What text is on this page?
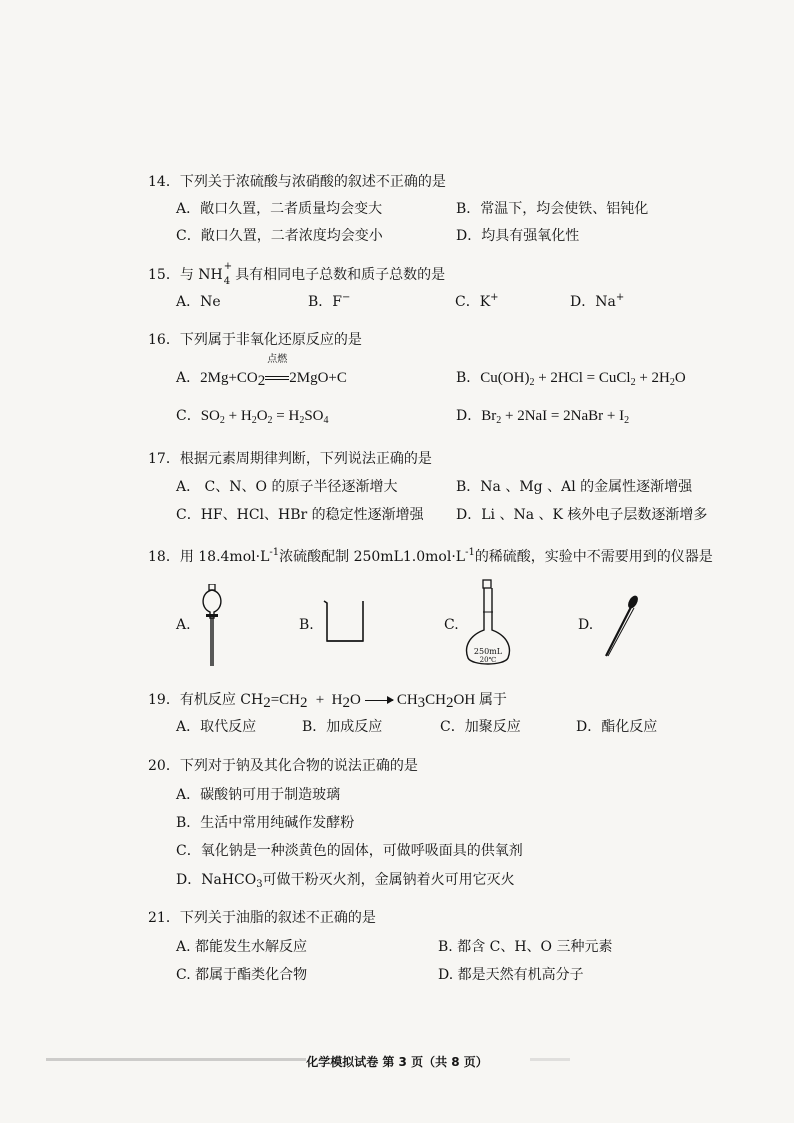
14．下列关于浓硫酸与浓硝酸的叙述不正确的是
A．敞口久置，二者质量均会变大	B．常温下，均会使铁、铝钝化
C．敞口久置，二者浓度均会变小	D．均具有强氧化性
15．与 NH
+
4 具有相同电子总数和质子总数的是
A．Ne	B．F−	C．K+	D．Na+
16．下列属于非氧化还原反应的是
A．$2Mg+CO_2$
点燃
2MgO+C	B．$Cu(OH)_2 + 2HCl$ = CuCl$_2$ + $2H_2O$
C．$SO_2 + H_2O_2 = H_2SO_4$	D．$Br_2 + 2NaI$ = 2NaBr + $I_2$
17．根据元素周期律判断，下列说法正确的是
A． C、N、O 的原子半径逐渐增大	B．Na 、Mg 、Al 的金属性逐渐增强
C．HF、HCl、HBr 的稳定性逐渐增强 D．Li 、Na 、K 核外电子层数逐渐增多
18．用 $18.4mol\cdot L^{-1}$浓硫酸配制 $250mL1.0mol\cdot L^{-1}$的稀硫酸，实验中不需要用到的仪器是
A.	B.	C.
250mL
20℃
D.
19．有机反应 $CH_2=CH_2 + H_2O \to CH_3CH_2OH$ 属于
A．取代反应	B．加成反应	C．加聚反应	D．酯化反应
20．下列对于钠及其化合物的说法正确的是
A．碳酸钠可用于制造玻璃
B．生活中常用纯碱作发酵粉
C．氧化钠是一种淡黄色的固体，可做呼吸面具的供氧剂
D．NaHCO$_3$可做干粉灭火剂，金属钠着火可用它灭火
21．下列关于油脂的叙述不正确的是
A. 都能发生水解反应	B. 都含 C、H、O 三种元素
C. 都属于酯类化合物	D. 都是天然有机高分子
化学模拟试卷 第 3 页（共 8 页）
